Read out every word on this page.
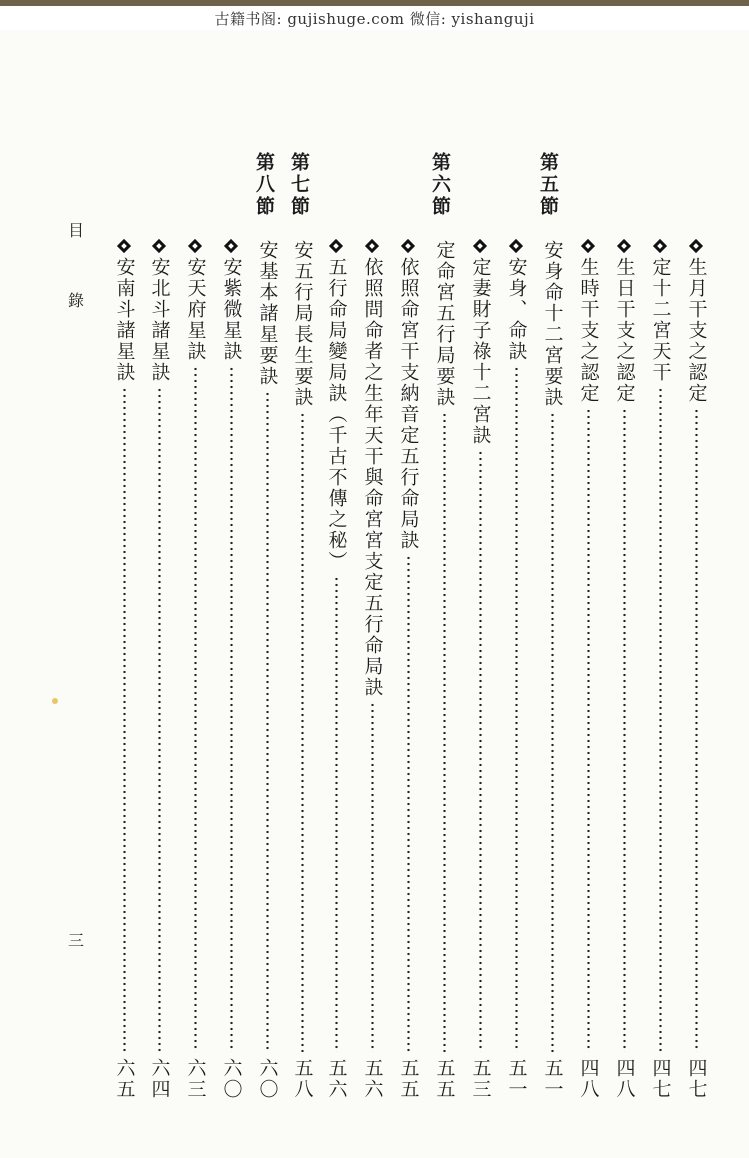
古籍书阁: gujishuge.com 微信: yishanguji
目
錄
三
第五節
第六節
第七節
第八節
生月干支之認定
四七
定十二宮天干
四七
生日干支之認定
四八
生時干支之認定
四八
安身命十二宮要訣
五一
安身、命訣
五一
定妻財子祿十二宮訣
五三
定命宮五行局要訣
五五
依照命宮干支納音定五行命局訣
五五
依照問命者之生年天干與命宮宮支定五行命局訣
五六
五行命局變局訣（千古不傳之秘）
五六
安五行局長生要訣
五八
安基本諸星要訣
六〇
安紫微星訣
六〇
安天府星訣
六三
安北斗諸星訣
六四
安南斗諸星訣
六五
